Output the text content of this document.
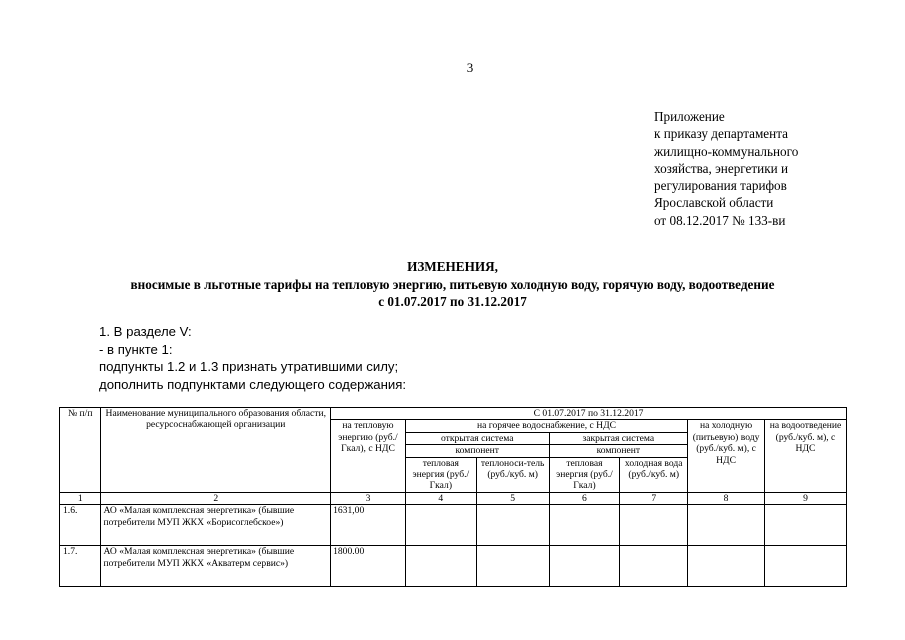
3
Приложение
к приказу департамента
жилищно-коммунального
хозяйства, энергетики и
регулирования тарифов
Ярославской области
от 08.12.2017 № 133-ви
ИЗМЕНЕНИЯ,
вносимые в льготные тарифы на тепловую энергию, питьевую холодную воду, горячую воду, водоотведение
с 01.07.2017 по 31.12.2017
1. В разделе V:
- в пункте 1:
подпункты 1.2 и 1.3 признать утратившими силу;
дополнить подпунктами следующего содержания:
№ п/п	Наименование муниципального образования области, ресурсоснабжающей организации	С 01.07.2017 по 31.12.2017						
		на тепловую энергию (руб./Гкал), с НДС	на горячее водоснабжение, с НДС				на холодную (питьевую) воду (руб./куб. м), с НДС	на водоотведение (руб./куб. м), с НДС
			открытая система		закрытая система			
			компонент		компонент			
			тепловая энергия (руб./Гкал)	теплоноси-тель (руб./куб. м)	тепловая энергия (руб./Гкал)	холодная вода (руб./куб. м)		
1	2	3	4	5	6	7	8	9
1.6.	АО «Малая комплексная энергетика» (бывшие потребители МУП ЖКХ «Борисоглебское»)	1631,00						
1.7.	АО «Малая комплексная энергетика» (бывшие потребители МУП ЖКХ «Акватерм сервис»)	1800.00						
